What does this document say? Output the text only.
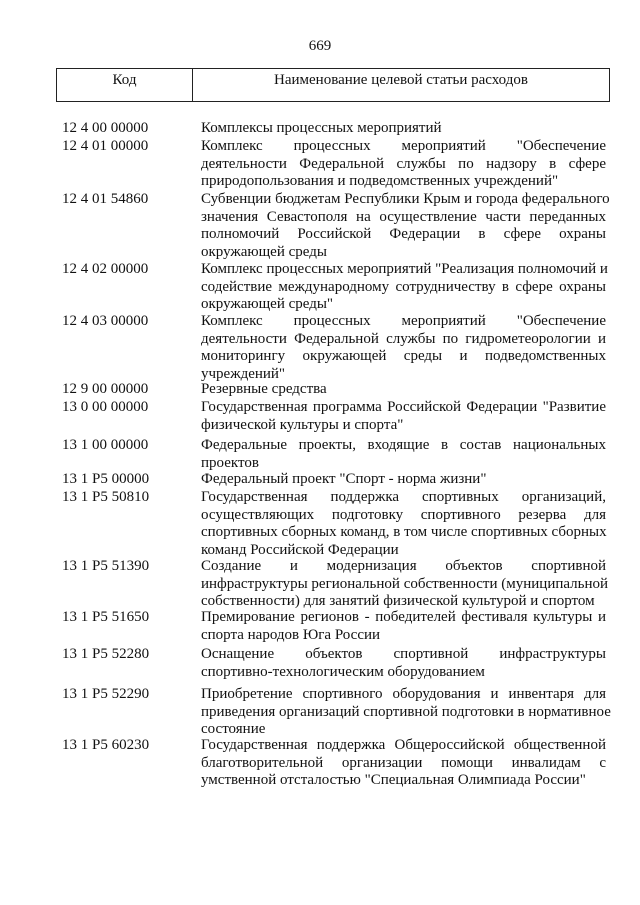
669
Код	Наименование целевой статьи расходов
12 4 00 00000	Комплексы процессных мероприятий
12 4 01 00000	Комплекс процессных мероприятий "Обеспечение
деятельности Федеральной службы по надзору в сфере
природопользования и подведомственных учреждений"
12 4 01 54860	Субвенции бюджетам Республики Крым и города федерального
значения Севастополя на осуществление части переданных
полномочий Российской Федерации в сфере охраны
окружающей среды
12 4 02 00000	Комплекс процессных мероприятий "Реализация полномочий и
содействие международному сотрудничеству в сфере охраны
окружающей среды"
12 4 03 00000	Комплекс процессных мероприятий "Обеспечение
деятельности Федеральной службы по гидрометеорологии и
мониторингу окружающей среды и подведомственных
учреждений"
12 9 00 00000	Резервные средства
13 0 00 00000	Государственная программа Российской Федерации "Развитие
физической культуры и спорта"
13 1 00 00000	Федеральные проекты, входящие в состав национальных
проектов
13 1 P5 00000	Федеральный проект "Спорт - норма жизни"
13 1 P5 50810	Государственная поддержка спортивных организаций,
осуществляющих подготовку спортивного резерва для
спортивных сборных команд, в том числе спортивных сборных
команд Российской Федерации
13 1 P5 51390	Создание и модернизация объектов спортивной
инфраструктуры региональной собственности (муниципальной
собственности) для занятий физической культурой и спортом
13 1 P5 51650	Премирование регионов - победителей фестиваля культуры и
спорта народов Юга России
13 1 P5 52280	Оснащение объектов спортивной инфраструктуры
спортивно-технологическим оборудованием
13 1 P5 52290	Приобретение спортивного оборудования и инвентаря для
приведения организаций спортивной подготовки в нормативное
состояние
13 1 P5 60230	Государственная поддержка Общероссийской общественной
благотворительной организации помощи инвалидам с
умственной отсталостью "Специальная Олимпиада России"
